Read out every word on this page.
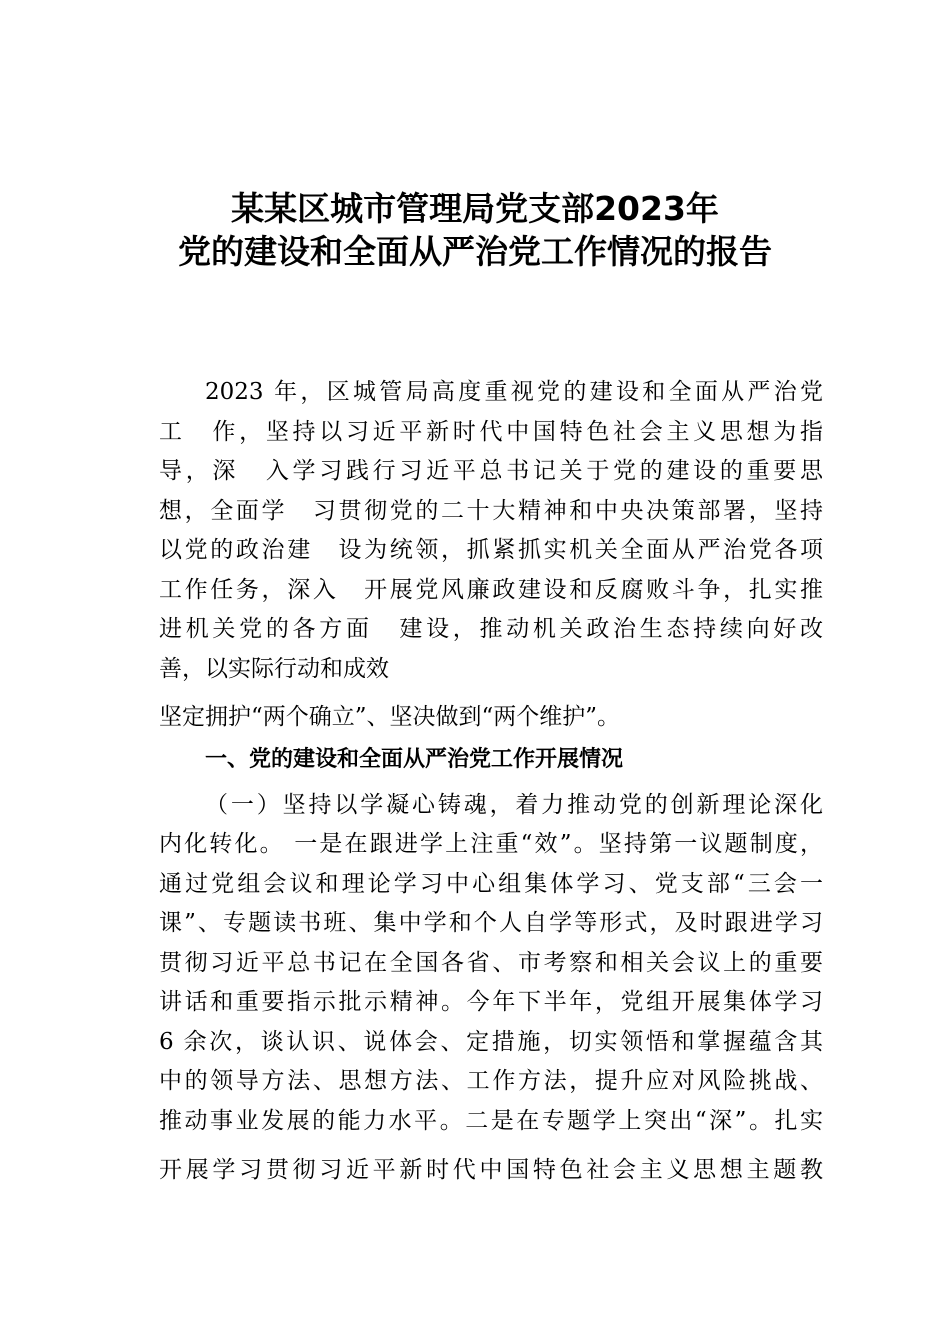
某某区城市管理局党支部2023年
党的建设和全面从严治党工作情况的报告
2023 年，区城管局高度重视党的建设和全面从严治党
工　作，坚持以习近平新时代中国特色社会主义思想为指
导，深　入学习践行习近平总书记关于党的建设的重要思
想，全面学　习贯彻党的二十大精神和中央决策部署，坚持
以党的政治建　设为统领，抓紧抓实机关全面从严治党各项
工作任务，深入　开展党风廉政建设和反腐败斗争，扎实推
进机关党的各方面　建设，推动机关政治生态持续向好改
善，以实际行动和成效
坚定拥护“两个确立”、坚决做到“两个维护”。
一、党的建设和全面从严治党工作开展情况
（一）坚持以学凝心铸魂，着力推动党的创新理论深化
内化转化。 一是在跟进学上注重“效”。坚持第一议题制度，
通过党组会议和理论学习中心组集体学习、党支部“三会一
课”、专题读书班、集中学和个人自学等形式，及时跟进学习
贯彻习近平总书记在全国各省、市考察和相关会议上的重要
讲话和重要指示批示精神。今年下半年，党组开展集体学习
6 余次，谈认识、说体会、定措施，切实领悟和掌握蕴含其
中的领导方法、思想方法、工作方法，提升应对风险挑战、
推动事业发展的能力水平。二是在专题学上突出“深”。扎实
开展学习贯彻习近平新时代中国特色社会主义思想主题教
